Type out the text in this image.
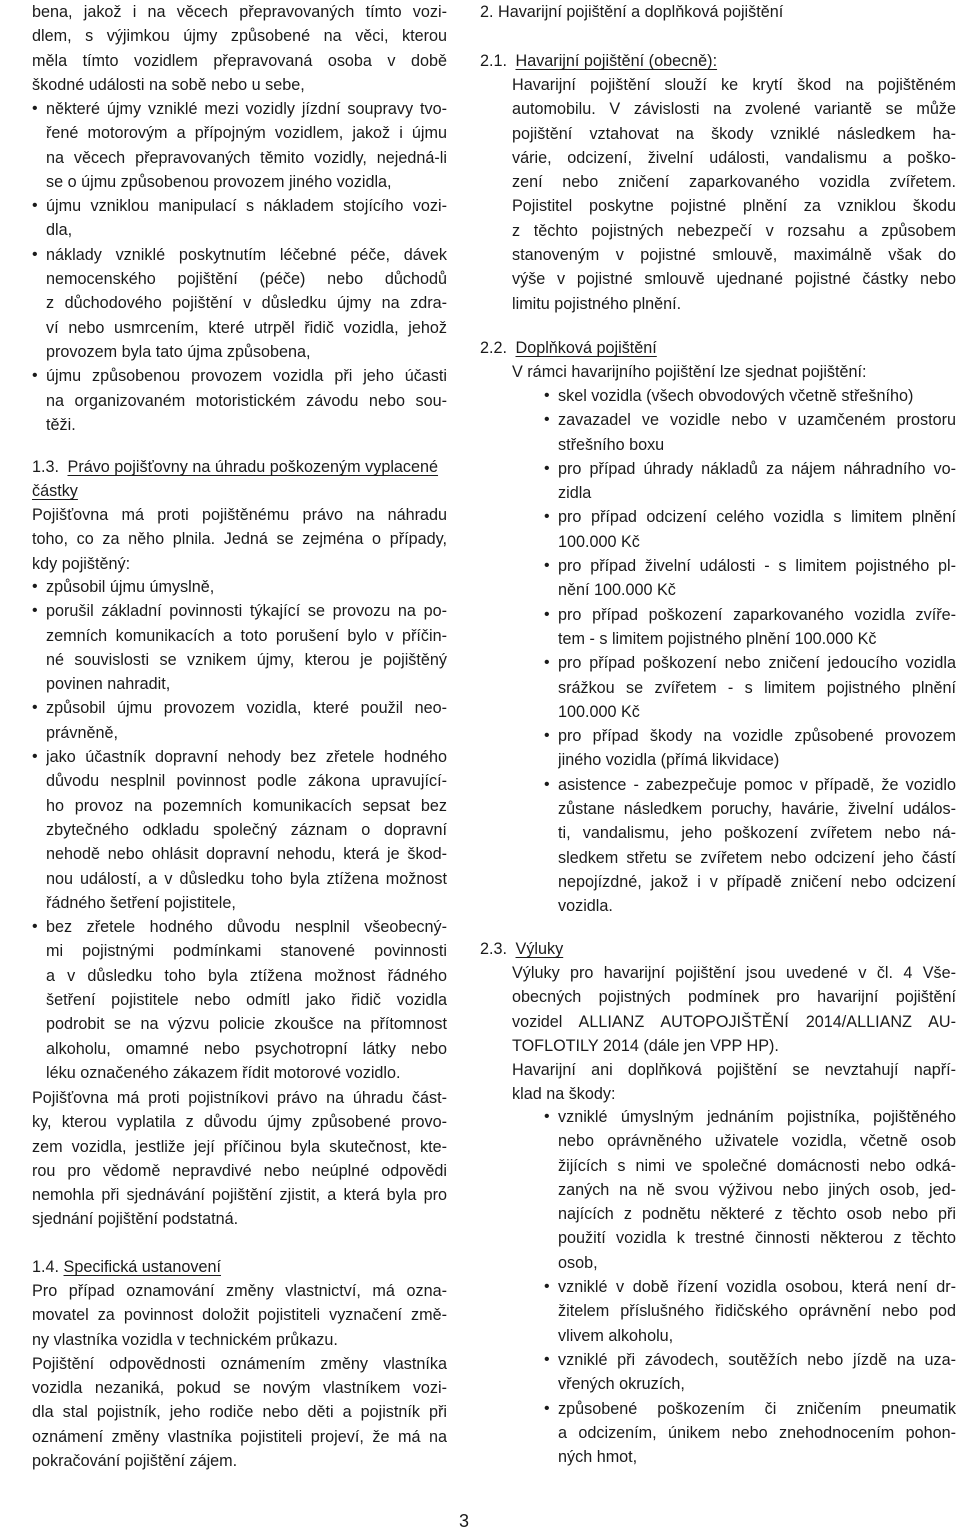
bena, jakož i na věcech přepravovaných tímto vozi-
dlem, s výjimkou újmy způsobené na věci, kterou
měla tímto vozidlem přepravovaná osoba v době
škodné události na sobě nebo u sebe,
• některé újmy vzniklé mezi vozidly jízdní soupravy tvo-
řené motorovým a přípojným vozidlem, jakož i újmu
na věcech přepravovaných těmito vozidly, nejedná-li
se o újmu způsobenou provozem jiného vozidla,
• újmu vzniklou manipulací s nákladem stojícího vozi-
dla,
• náklady vzniklé poskytnutím léčebné péče, dávek
nemocenského pojištění (péče) nebo důchodů
z důchodového pojištění v důsledku újmy na zdra-
ví nebo usmrcením, které utrpěl řidič vozidla, jehož
provozem byla tato újma způsobena,
• újmu způsobenou provozem vozidla při jeho účasti
na organizovaném motoristickém závodu nebo sou-
těži.
1.3. Právo pojišťovny na úhradu poškozeným vyplacené
částky
Pojišťovna má proti pojištěnému právo na náhradu
toho, co za něho plnila. Jedná se zejména o případy,
kdy pojištěný:
• způsobil újmu úmyslně,
• porušil základní povinnosti týkající se provozu na po-
zemních komunikacích a toto porušení bylo v příčin-
né souvislosti se vznikem újmy, kterou je pojištěný
povinen nahradit,
• způsobil újmu provozem vozidla, které použil neo-
právněně,
• jako účastník dopravní nehody bez zřetele hodného
důvodu nesplnil povinnost podle zákona upravující-
ho provoz na pozemních komunikacích sepsat bez
zbytečného odkladu společný záznam o dopravní
nehodě nebo ohlásit dopravní nehodu, která je škod-
nou událostí, a v důsledku toho byla ztížena možnost
řádného šetření pojistitele,
• bez zřetele hodného důvodu nesplnil všeobecný-
mi pojistnými podmínkami stanovené povinnosti
a v důsledku toho byla ztížena možnost řádného
šetření pojistitele nebo odmítl jako řidič vozidla
podrobit se na výzvu policie zkoušce na přítomnost
alkoholu, omamné nebo psychotropní látky nebo
léku označeného zákazem řídit motorové vozidlo.
Pojišťovna má proti pojistníkovi právo na úhradu část-
ky, kterou vyplatila z důvodu újmy způsobené provo-
zem vozidla, jestliže její příčinou byla skutečnost, kte-
rou pro vědomě nepravdivé nebo neúplné odpovědi
nemohla při sjednávání pojištění zjistit, a která byla pro
sjednání pojištění podstatná.
1.4. Specifická ustanovení
Pro případ oznamování změny vlastnictví, má ozna-
movatel za povinnost doložit pojistiteli vyznačení změ-
ny vlastníka vozidla v technickém průkazu.
Pojištění odpovědnosti oznámením změny vlastníka
vozidla nezaniká, pokud se novým vlastníkem vozi-
dla stal pojistník, jeho rodiče nebo děti a pojistník při
oznámení změny vlastníka pojistiteli projeví, že má na
pokračování pojištění zájem.
2. Havarijní pojištění a doplňková pojištění
2.1. Havarijní pojištění (obecně):
Havarijní pojištění slouží ke krytí škod na pojištěném
automobilu. V závislosti na zvolené variantě se může
pojištění vztahovat na škody vzniklé následkem ha-
várie, odcizení, živelní události, vandalismu a poško-
zení nebo zničení zaparkovaného vozidla zvířetem.
Pojistitel poskytne pojistné plnění za vzniklou škodu
z těchto pojistných nebezpečí v rozsahu a způsobem
stanoveným v pojistné smlouvě, maximálně však do
výše v pojistné smlouvě ujednané pojistné částky nebo
limitu pojistného plnění.
2.2. Doplňková pojištění
V rámci havarijního pojištění lze sjednat pojištění:
• skel vozidla (všech obvodových včetně střešního)
• zavazadel ve vozidle nebo v uzamčeném prostoru
střešního boxu
• pro případ úhrady nákladů za nájem náhradního vo-
zidla
• pro případ odcizení celého vozidla s limitem plnění
100.000 Kč
• pro případ živelní události - s limitem pojistného pl-
nění 100.000 Kč
• pro případ poškození zaparkovaného vozidla zvíře-
tem - s limitem pojistného plnění 100.000 Kč
• pro případ poškození nebo zničení jedoucího vozidla
srážkou se zvířetem - s limitem pojistného plnění
100.000 Kč
• pro případ škody na vozidle způsobené provozem
jiného vozidla (přímá likvidace)
• asistence - zabezpečuje pomoc v případě, že vozidlo
zůstane následkem poruchy, havárie, živelní událos-
ti, vandalismu, jeho poškození zvířetem nebo ná-
sledkem střetu se zvířetem nebo odcizení jeho částí
nepojízdné, jakož i v případě zničení nebo odcizení
vozidla.
2.3. Výluky
Výluky pro havarijní pojištění jsou uvedené v čl. 4 Vše-
obecných pojistných podmínek pro havarijní pojištění
vozidel ALLIANZ AUTOPOJIŠTĚNÍ 2014/ALLIANZ AU-
TOFLOTILY 2014 (dále jen VPP HP).
Havarijní ani doplňková pojištění se nevztahují napří-
klad na škody:
• vzniklé úmyslným jednáním pojistníka, pojištěného
nebo oprávněného uživatele vozidla, včetně osob
žijících s nimi ve společné domácnosti nebo odká-
zaných na ně svou výživou nebo jiných osob, jed-
najících z podnětu některé z těchto osob nebo při
použití vozidla k trestné činnosti některou z těchto
osob,
• vzniklé v době řízení vozidla osobou, která není dr-
žitelem příslušného řidičského oprávnění nebo pod
vlivem alkoholu,
• vzniklé při závodech, soutěžích nebo jízdě na uza-
vřených okruzích,
• způsobené poškozením či zničením pneumatik
a odcizením, únikem nebo znehodnocením pohon-
ných hmot,
3
